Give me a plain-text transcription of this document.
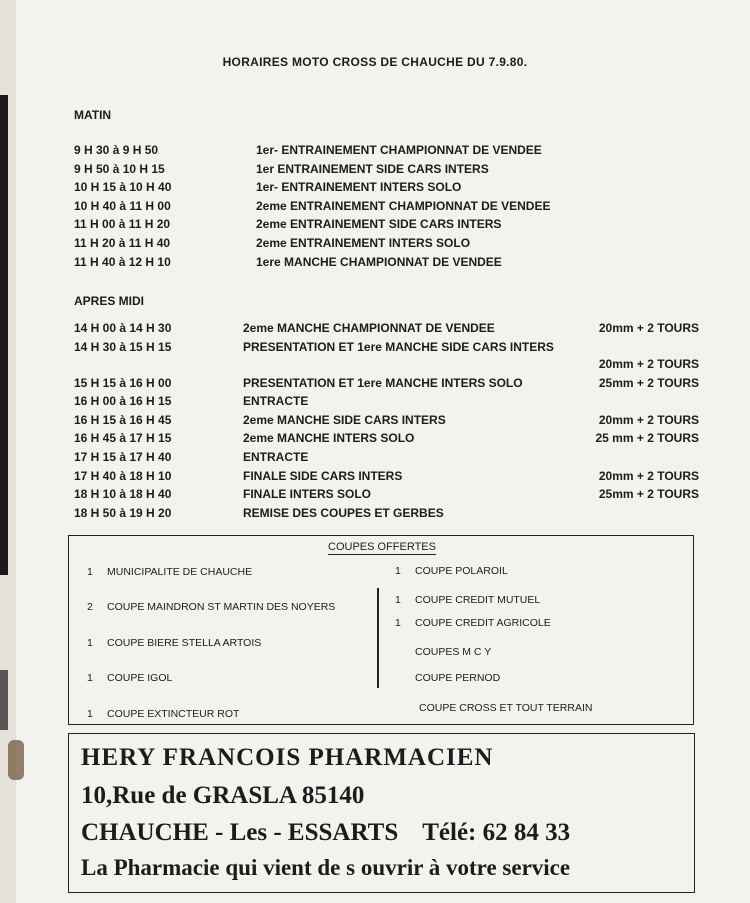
HORAIRES MOTO CROSS DE CHAUCHE DU 7.9.80.
MATIN
9 H 30 à 9 H 50	1er- ENTRAINEMENT CHAMPIONNAT DE VENDEE
9 H 50 à 10 H 15	1er ENTRAINEMENT SIDE CARS INTERS
10 H 15 à 10 H 40	1er- ENTRAINEMENT INTERS SOLO
10 H 40 à 11 H 00	2eme ENTRAINEMENT CHAMPIONNAT DE VENDEE
11 H 00 à 11 H 20	2eme ENTRAINEMENT SIDE CARS INTERS
11 H 20 à 11 H 40	2eme ENTRAINEMENT INTERS SOLO
11 H 40 à 12 H 10	1ere MANCHE CHAMPIONNAT DE VENDEE
APRES MIDI
14 H 00 à 14 H 30	2eme MANCHE CHAMPIONNAT DE VENDEE	20mm + 2 TOURS
14 H 30 à 15 H 15	PRESENTATION ET 1ere MANCHE SIDE CARS INTERS
20mm + 2 TOURS
15 H 15 à 16 H 00	PRESENTATION ET 1ere MANCHE INTERS SOLO	25mm + 2 TOURS
16 H 00 à 16 H 15	ENTRACTE
16 H 15 à 16 H 45	2eme MANCHE SIDE CARS INTERS	20mm + 2 TOURS
16 H 45 à 17 H 15	2eme MANCHE INTERS SOLO	25 mm + 2 TOURS
17 H 15 à 17 H 40	ENTRACTE
17 H 40 à 18 H 10	FINALE SIDE CARS INTERS	20mm + 2 TOURS
18 H 10 à 18 H 40	FINALE INTERS SOLO	25mm + 2 TOURS
18 H 50 à 19 H 20	REMISE DES COUPES ET GERBES
COUPES OFFERTES
1 MUNICIPALITE DE CHAUCHE
2 COUPE MAINDRON ST MARTIN DES NOYERS
1 COUPE BIERE STELLA ARTOIS
1 COUPE IGOL
1 COUPE EXTINCTEUR ROT
1 COUPE POLAROIL
1 COUPE CREDIT MUTUEL
1 COUPE CREDIT AGRICOLE
COUPES M C Y
COUPE PERNOD
COUPE CROSS ET TOUT TERRAIN
HERY FRANCOIS PHARMACIEN
10,Rue de GRASLA 85140
CHAUCHE - Les - ESSARTS Télé: 62 84 33
La Pharmacie qui vient de s ouvrir à votre service
